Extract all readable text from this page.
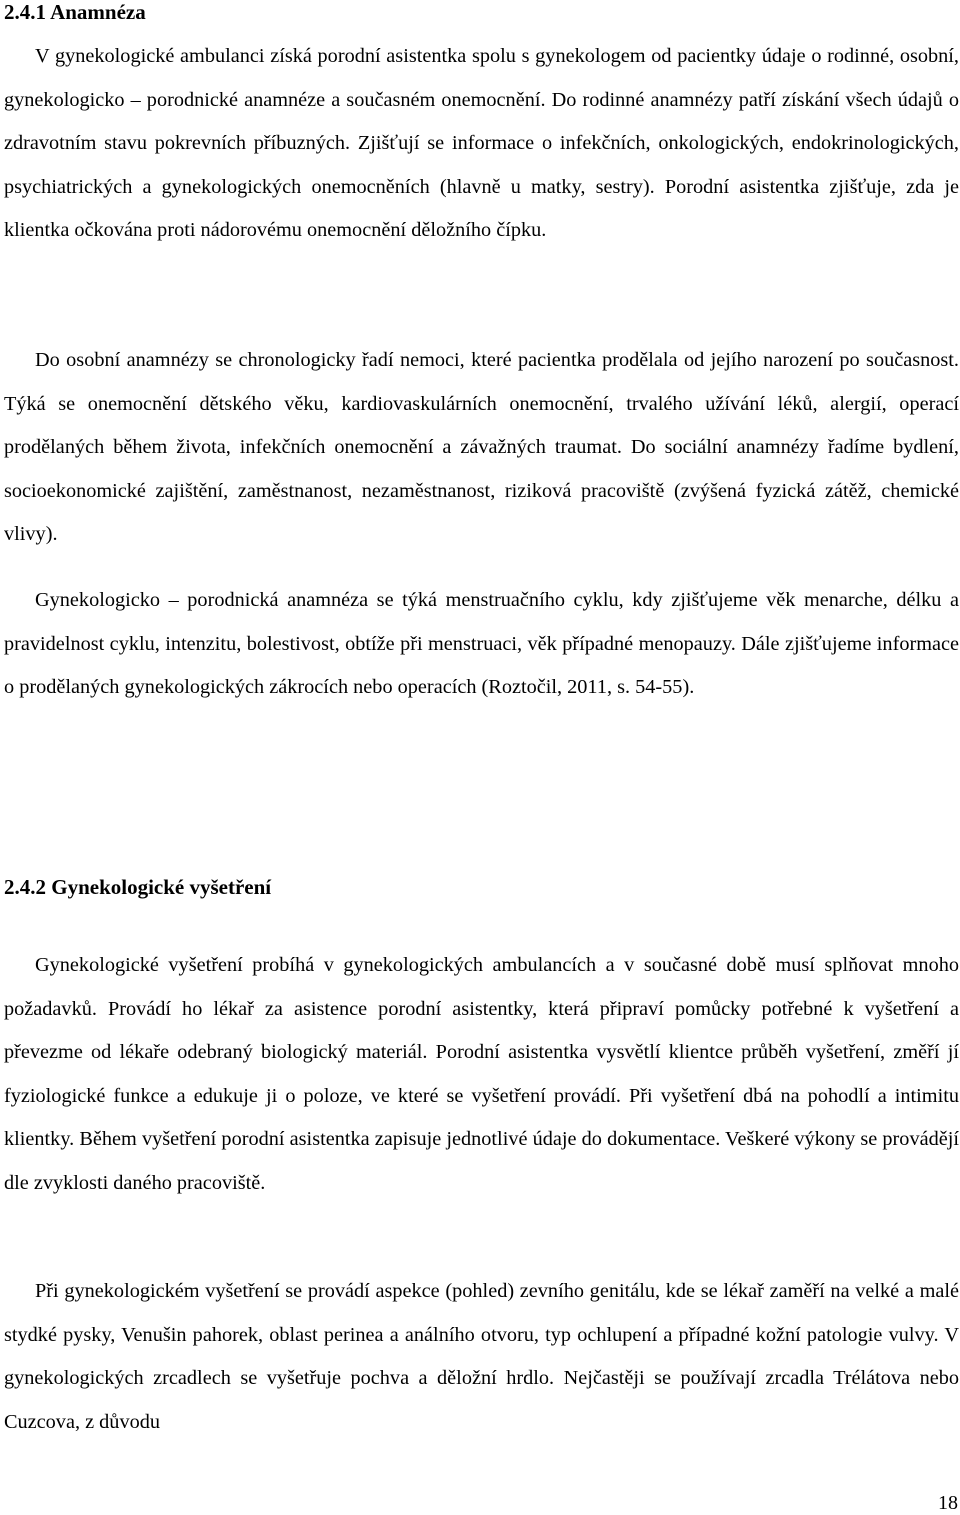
2.4.1 Anamnéza

V gynekologické ambulanci získá porodní asistentka spolu s gynekologem od pacientky údaje o rodinné, osobní, gynekologicko – porodnické anamnéze a současném onemocnění. Do rodinné anamnézy patří získání všech údajů o zdravotním stavu pokrevních příbuzných. Zjišťují se informace o infekčních, onkologických, endokrinologických, psychiatrických a gynekologických onemocněních (hlavně u matky, sestry). Porodní asistentka zjišťuje, zda je klientka očkována proti nádorovému onemocnění děložního čípku.

Do osobní anamnézy se chronologicky řadí nemoci, které pacientka prodělala od jejího narození po současnost. Týká se onemocnění dětského věku, kardiovaskulárních onemocnění, trvalého užívání léků, alergií, operací prodělaných během života, infekčních onemocnění a závažných traumat. Do sociální anamnézy řadíme bydlení, socioekonomické zajištění, zaměstnanost, nezaměstnanost, riziková pracoviště (zvýšená fyzická zátěž, chemické vlivy).

Gynekologicko – porodnická anamnéza se týká menstruačního cyklu, kdy zjišťujeme věk menarche, délku a pravidelnost cyklu, intenzitu, bolestivost, obtíže při menstruaci, věk případné menopauzy. Dále zjišťujeme informace o prodělaných gynekologických zákrocích nebo operacích (Roztočil, 2011, s. 54-55).

2.4.2 Gynekologické vyšetření

Gynekologické vyšetření probíhá v gynekologických ambulancích a v současné době musí splňovat mnoho požadavků. Provádí ho lékař za asistence porodní asistentky, která připraví pomůcky potřebné k vyšetření a převezme od lékaře odebraný biologický materiál. Porodní asistentka vysvětlí klientce průběh vyšetření, změří jí fyziologické funkce a edukuje ji o poloze, ve které se vyšetření provádí. Při vyšetření dbá na pohodlí a intimitu klientky. Během vyšetření porodní asistentka zapisuje jednotlivé údaje do dokumentace. Veškeré výkony se provádějí dle zvyklosti daného pracoviště.

Při gynekologickém vyšetření se provádí aspekce (pohled) zevního genitálu, kde se lékař zaměří na velké a malé stydké pysky, Venušin pahorek, oblast perinea a análního otvoru, typ ochlupení a případné kožní patologie vulvy. V gynekologických zrcadlech se vyšetřuje pochva a děložní hrdlo. Nejčastěji se používají zrcadla Trélátova nebo Cuzcova, z důvodu

18
